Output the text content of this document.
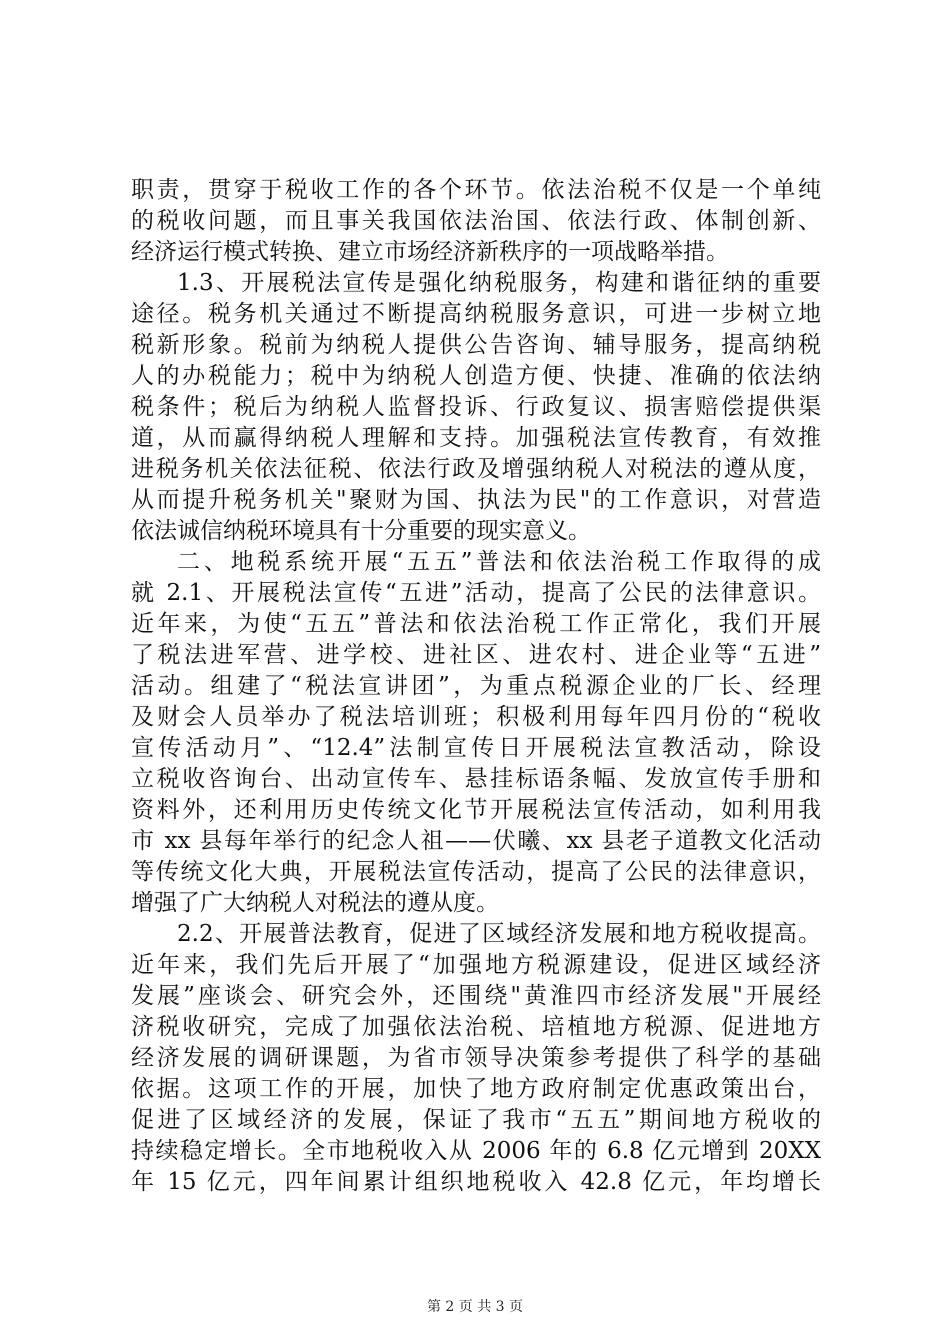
职责，贯穿于税收工作的各个环节。依法治税不仅是一个单纯
的税收问题，而且事关我国依法治国、依法行政、体制创新、
经济运行模式转换、建立市场经济新秩序的一项战略举措。
1.3、开展税法宣传是强化纳税服务，构建和谐征纳的重要
途径。税务机关通过不断提高纳税服务意识，可进一步树立地
税新形象。税前为纳税人提供公告咨询、辅导服务，提高纳税
人的办税能力；税中为纳税人创造方便、快捷、准确的依法纳
税条件；税后为纳税人监督投诉、行政复议、损害赔偿提供渠
道，从而赢得纳税人理解和支持。加强税法宣传教育，有效推
进税务机关依法征税、依法行政及增强纳税人对税法的遵从度，
从而提升税务机关"聚财为国、执法为民"的工作意识，对营造
依法诚信纳税环境具有十分重要的现实意义。
二、地税系统开展“五五”普法和依法治税工作取得的成
就 2.1、开展税法宣传“五进”活动，提高了公民的法律意识。
近年来，为使“五五”普法和依法治税工作正常化，我们开展
了税法进军营、进学校、进社区、进农村、进企业等“五进”
活动。组建了“税法宣讲团”，为重点税源企业的厂长、经理
及财会人员举办了税法培训班；积极利用每年四月份的“税收
宣传活动月”、“12.4”法制宣传日开展税法宣教活动，除设
立税收咨询台、出动宣传车、悬挂标语条幅、发放宣传手册和
资料外，还利用历史传统文化节开展税法宣传活动，如利用我
市 xx 县每年举行的纪念人祖——伏曦、xx 县老子道教文化活动
等传统文化大典，开展税法宣传活动，提高了公民的法律意识，
增强了广大纳税人对税法的遵从度。
2.2、开展普法教育，促进了区域经济发展和地方税收提高。
近年来，我们先后开展了“加强地方税源建设，促进区域经济
发展”座谈会、研究会外，还围绕"黄淮四市经济发展"开展经
济税收研究，完成了加强依法治税、培植地方税源、促进地方
经济发展的调研课题，为省市领导决策参考提供了科学的基础
依据。这项工作的开展，加快了地方政府制定优惠政策出台，
促进了区域经济的发展，保证了我市“五五”期间地方税收的
持续稳定增长。全市地税收入从 2006 年的 6.8 亿元增到 20XX
年 15 亿元，四年间累计组织地税收入 42.8 亿元，年均增长
第 2 页 共 3 页
